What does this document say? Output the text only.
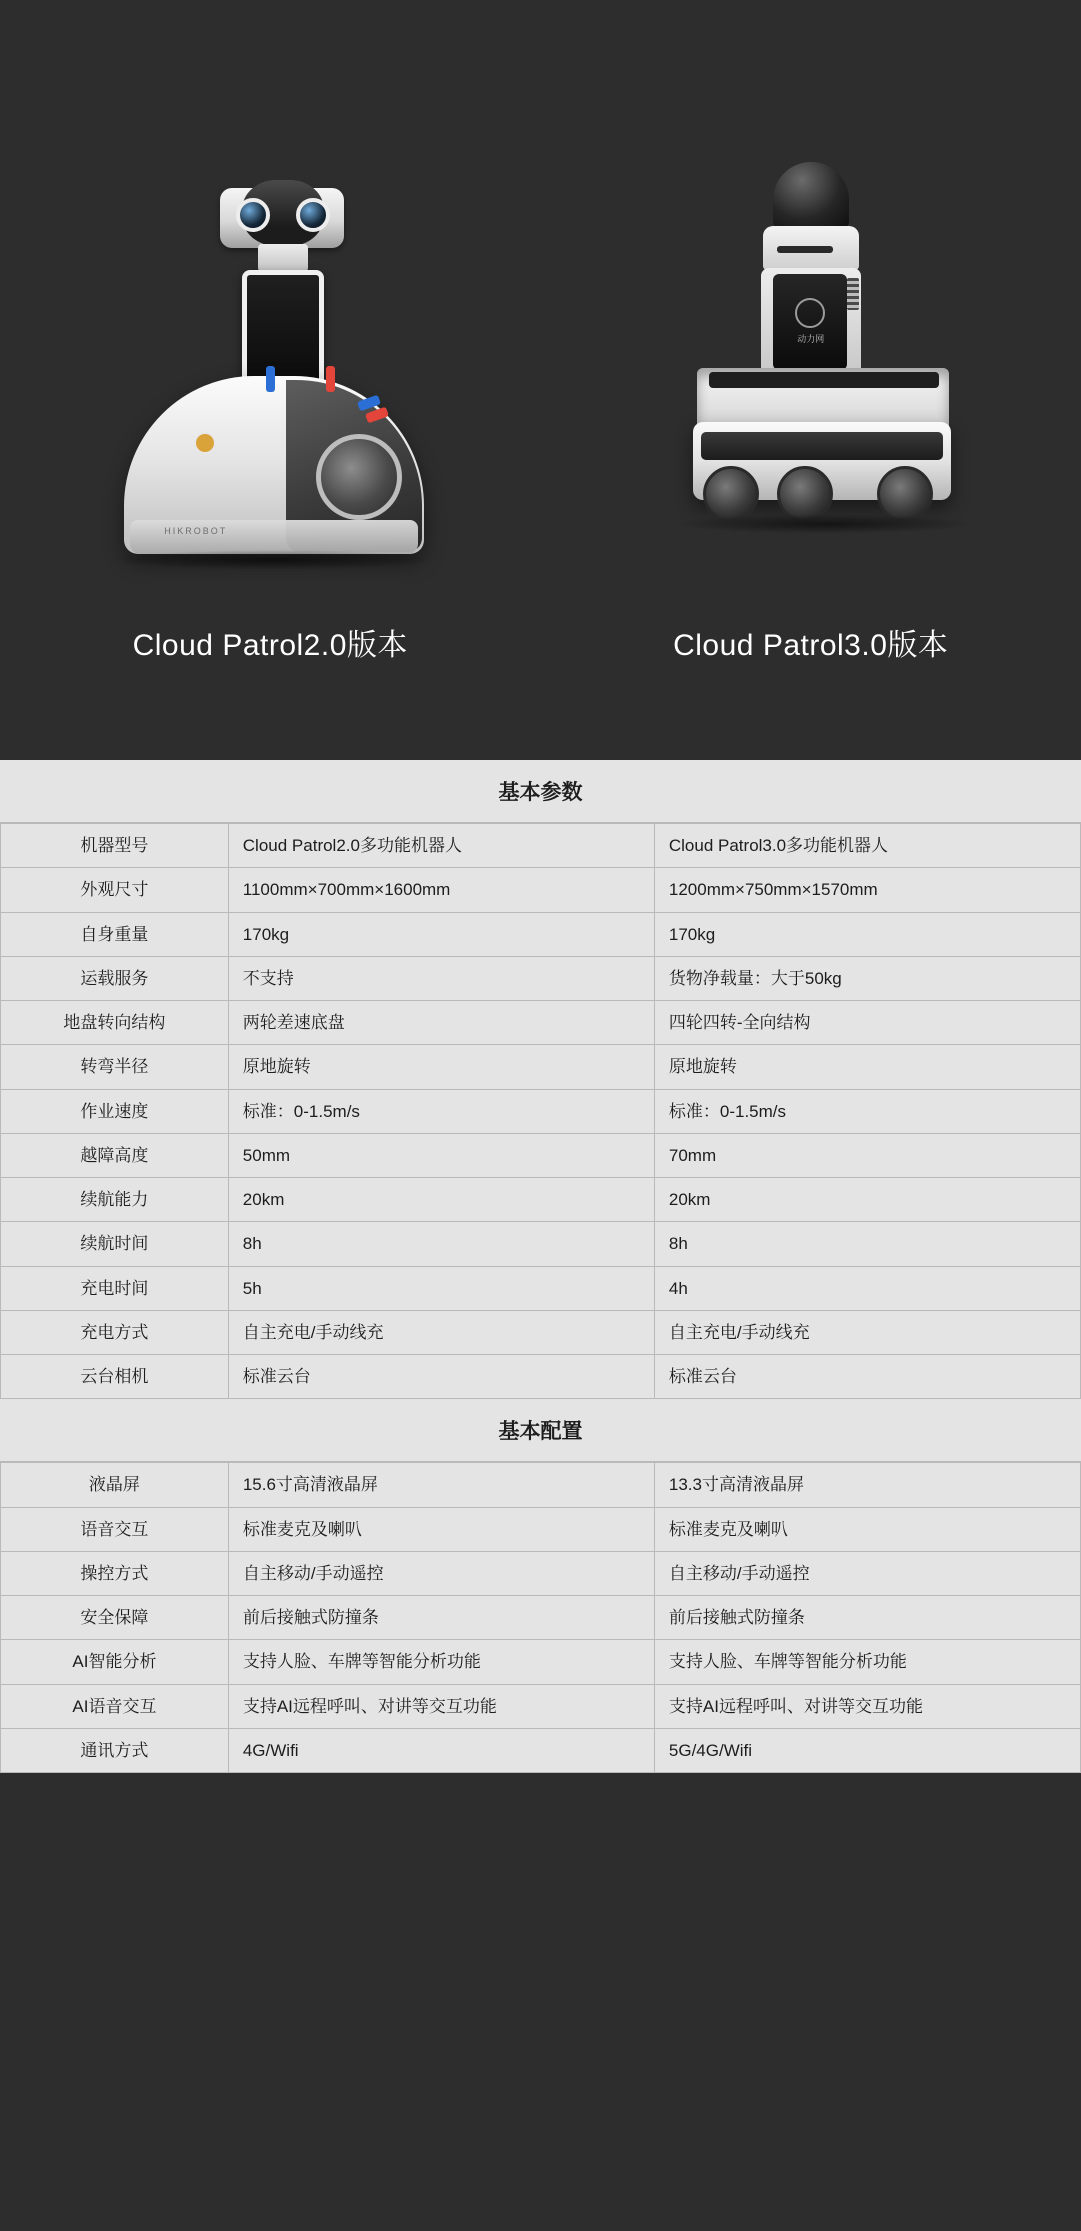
HIKROBOT
动力网
Cloud Patrol2.0版本	Cloud Patrol3.0版本
基本参数
机器型号	Cloud Patrol2.0多功能机器人	Cloud Patrol3.0多功能机器人
外观尺寸	1100mm×700mm×1600mm	1200mm×750mm×1570mm
自身重量	170kg	170kg
运载服务	不支持	货物净载量：大于50kg
地盘转向结构	两轮差速底盘	四轮四转-全向结构
转弯半径	原地旋转	原地旋转
作业速度	标准：0-1.5m/s	标准：0-1.5m/s
越障高度	50mm	70mm
续航能力	20km	20km
续航时间	8h	8h
充电时间	5h	4h
充电方式	自主充电/手动线充	自主充电/手动线充
云台相机	标准云台	标准云台
基本配置
液晶屏	15.6寸高清液晶屏	13.3寸高清液晶屏
语音交互	标准麦克及喇叭	标准麦克及喇叭
操控方式	自主移动/手动遥控	自主移动/手动遥控
安全保障	前后接触式防撞条	前后接触式防撞条
AI智能分析	支持人脸、车牌等智能分析功能	支持人脸、车牌等智能分析功能
AI语音交互	支持AI远程呼叫、对讲等交互功能	支持AI远程呼叫、对讲等交互功能
通讯方式	4G/Wifi	5G/4G/Wifi
